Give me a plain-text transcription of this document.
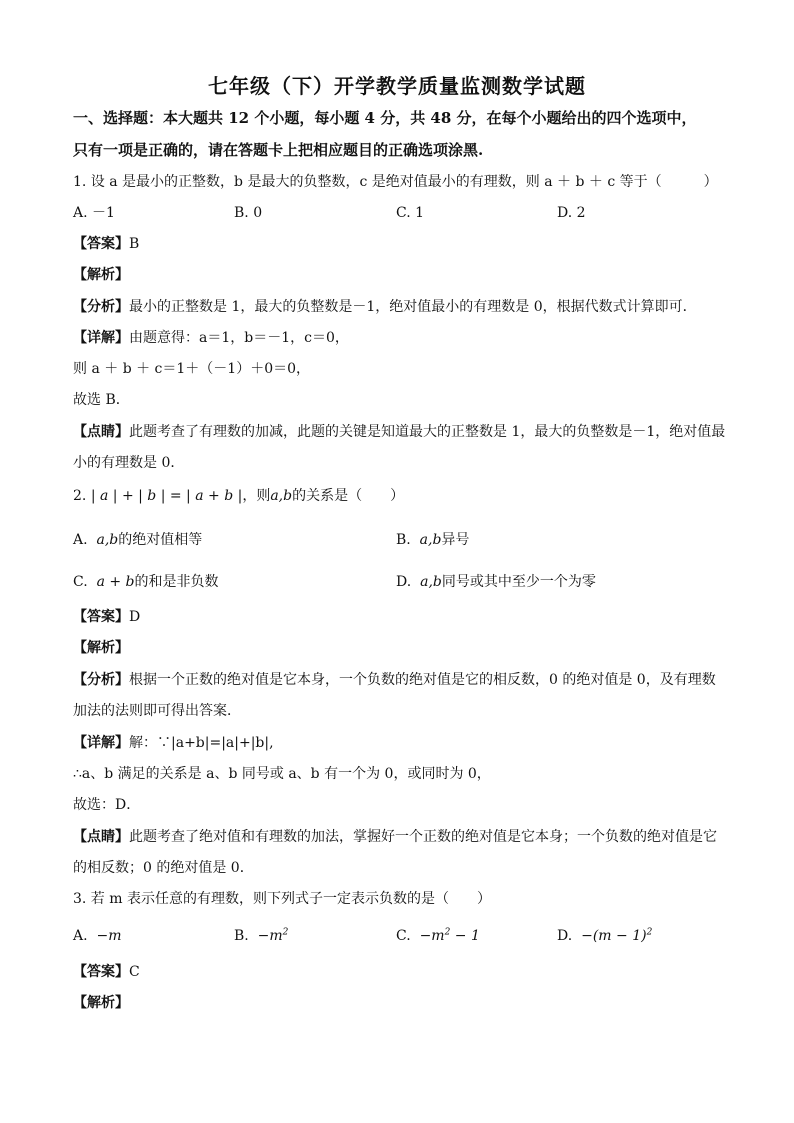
七年级（下）开学教学质量监测数学试题
一、选择题：本大题共 12 个小题，每小题 4 分，共 48 分，在每个小题给出的四个选项中，
只有一项是正确的，请在答题卡上把相应题目的正确选项涂黑.
1. 设 a 是最小的正整数，b 是最大的负整数，c 是绝对值最小的有理数，则 a ＋ b ＋ c 等于（　　　）
A. －1	B. 0	C. 1	D. 2
【答案】B
【解析】
【分析】最小的正整数是 1，最大的负整数是－1，绝对值最小的有理数是 0，根据代数式计算即可．
【详解】由题意得：a＝1，b＝－1，c＝0，
则 a ＋ b ＋ c＝1＋（－1）＋0＝0，
故选 B．
【点睛】此题考查了有理数的加减，此题的关键是知道最大的正整数是 1，最大的负整数是－1，绝对值最
小的有理数是 0．
2. | a | + | b | = | a + b |，则a,b的关系是（　　）
A. a,b的绝对值相等	B. a,b异号
C. a + b的和是非负数	D. a,b同号或其中至少一个为零
【答案】D
【解析】
【分析】根据一个正数的绝对值是它本身，一个负数的绝对值是它的相反数，0 的绝对值是 0，及有理数
加法的法则即可得出答案．
【详解】解：∵|a+b|=|a|+|b|,
∴a、b 满足的关系是 a、b 同号或 a、b 有一个为 0，或同时为 0，
故选：D．
【点睛】此题考查了绝对值和有理数的加法，掌握好一个正数的绝对值是它本身；一个负数的绝对值是它
的相反数；0 的绝对值是 0．
3. 若 m 表示任意的有理数，则下列式子一定表示负数的是（　　）
A. −m	B. $-m^2$	C. $-m^2 - 1$	D. $-(m - 1)^2$
【答案】C
【解析】
